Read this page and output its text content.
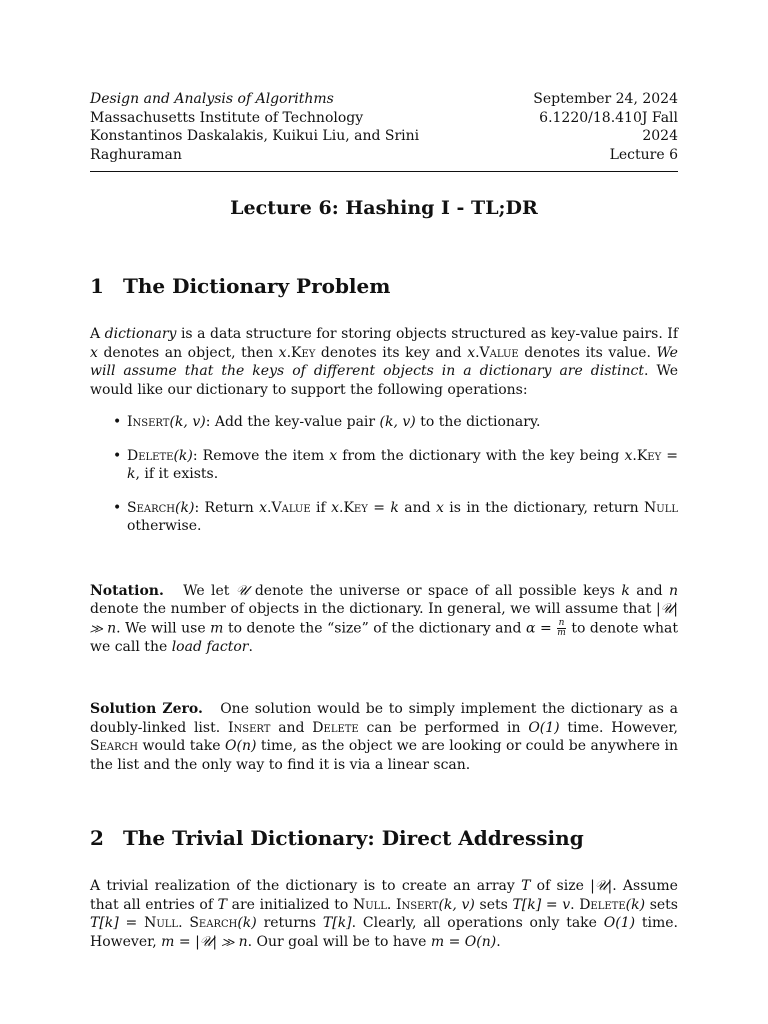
Design and Analysis of Algorithms
Massachusetts Institute of Technology
Konstantinos Daskalakis, Kuikui Liu, and Srini Raghuraman
September 24, 2024
6.1220/18.410J Fall 2024
Lecture 6
Lecture 6: Hashing I - TL;DR
1 The Dictionary Problem
A dictionary is a data structure for storing objects structured as key-value pairs. If x denotes an object, then x.Key denotes its key and x.Value denotes its value. We will assume that the keys of different objects in a dictionary are distinct. We would like our dictionary to support the following operations:
• Insert(k, v): Add the key-value pair (k, v) to the dictionary.
• Delete(k): Remove the item x from the dictionary with the key being x.Key = k, if it exists.
• Search(k): Return x.Value if x.Key = k and x is in the dictionary, return Null otherwise.
Notation. We let 𝒰 denote the universe or space of all possible keys k and n denote the number of objects in the dictionary. In general, we will assume that |𝒰| ≫ n. We will use m to denote the “size” of the dictionary and $\alpha = \frac{n}{m}$ to denote what we call the load factor.
Solution Zero. One solution would be to simply implement the dictionary as a doubly-linked list. Insert and Delete can be performed in O(1) time. However, Search would take O(n) time, as the object we are looking or could be anywhere in the list and the only way to find it is via a linear scan.
2 The Trivial Dictionary: Direct Addressing
A trivial realization of the dictionary is to create an array T of size |𝒰|. Assume that all entries of T are initialized to Null. Insert(k, v) sets T[k] = v. Delete(k) sets T[k] = Null. Search(k) returns T[k]. Clearly, all operations only take O(1) time. However, m = |𝒰| ≫ n. Our goal will be to have m = O(n).
